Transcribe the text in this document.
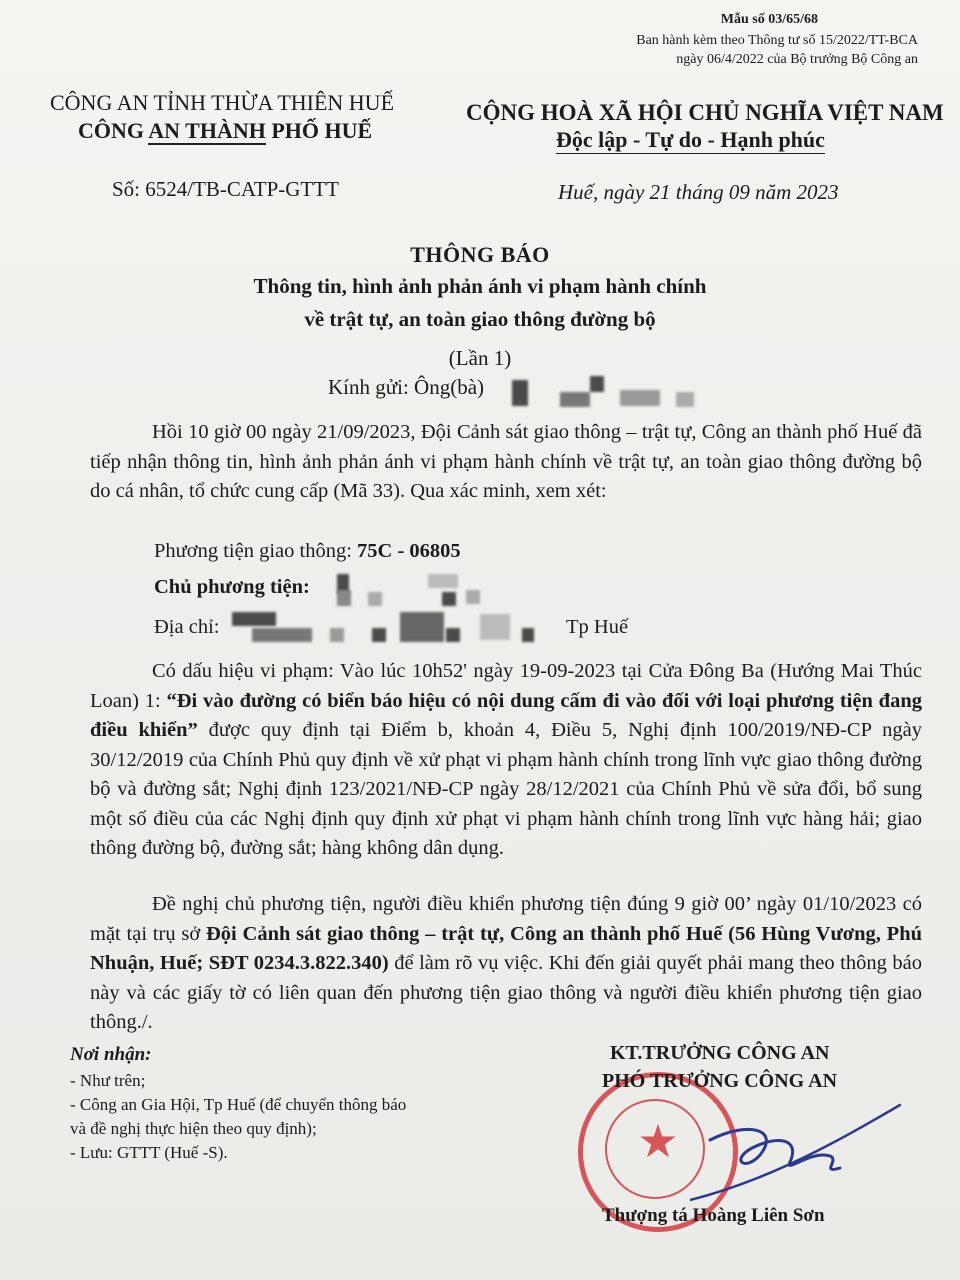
Mẫu số 03/65/68
Ban hành kèm theo Thông tư số 15/2022/TT-BCA
ngày 06/4/2022 của Bộ trưởng Bộ Công an
CÔNG AN TỈNH THỪA THIÊN HUẾ
CÔNG AN THÀNH PHỐ HUẾ
CỘNG HOÀ XÃ HỘI CHỦ NGHĨA VIỆT NAM
Độc lập - Tự do - Hạnh phúc
Số: 6524/TB-CATP-GTTT	Huế, ngày 21 tháng 09 năm 2023
THÔNG BÁO
Thông tin, hình ảnh phản ánh vi phạm hành chính
về trật tự, an toàn giao thông đường bộ
(Lần 1)
Kính gửi: Ông(bà)

Hồi 10 giờ 00 ngày 21/09/2023, Đội Cảnh sát giao thông – trật tự, Công an thành phố Huế đã tiếp nhận thông tin, hình ảnh phản ánh vi phạm hành chính về trật tự, an toàn giao thông đường bộ do cá nhân, tổ chức cung cấp (Mã 33). Qua xác minh, xem xét:

Phương tiện giao thông: 75C - 06805
Chủ phương tiện:
Địa chỉ:	Tp Huế

Có dấu hiệu vi phạm: Vào lúc 10h52' ngày 19-09-2023 tại Cửa Đông Ba (Hướng Mai Thúc Loan) 1: “Đi vào đường có biển báo hiệu có nội dung cấm đi vào đối với loại phương tiện đang điều khiển” được quy định tại Điểm b, khoản 4, Điều 5, Nghị định 100/2019/NĐ-CP ngày 30/12/2019 của Chính Phủ quy định về xử phạt vi phạm hành chính trong lĩnh vực giao thông đường bộ và đường sắt; Nghị định 123/2021/NĐ-CP ngày 28/12/2021 của Chính Phủ về sửa đổi, bổ sung một số điều của các Nghị định quy định xử phạt vi phạm hành chính trong lĩnh vực hàng hải; giao thông đường bộ, đường sắt; hàng không dân dụng.

Đề nghị chủ phương tiện, người điều khiển phương tiện đúng 9 giờ 00’ ngày 01/10/2023 có mặt tại trụ sở Đội Cảnh sát giao thông – trật tự, Công an thành phố Huế (56 Hùng Vương, Phú Nhuận, Huế; SĐT 0234.3.822.340) để làm rõ vụ việc. Khi đến giải quyết phải mang theo thông báo này và các giấy tờ có liên quan đến phương tiện giao thông và người điều khiển phương tiện giao thông./.

Nơi nhận:
- Như trên;
- Công an Gia Hội, Tp Huế (để chuyển thông báo
và đề nghị thực hiện theo quy định);
- Lưu: GTTT (Huế -S).	★
KT.TRƯỞNG CÔNG AN
PHÓ TRƯỞNG CÔNG AN
Thượng tá Hoàng Liên Sơn
